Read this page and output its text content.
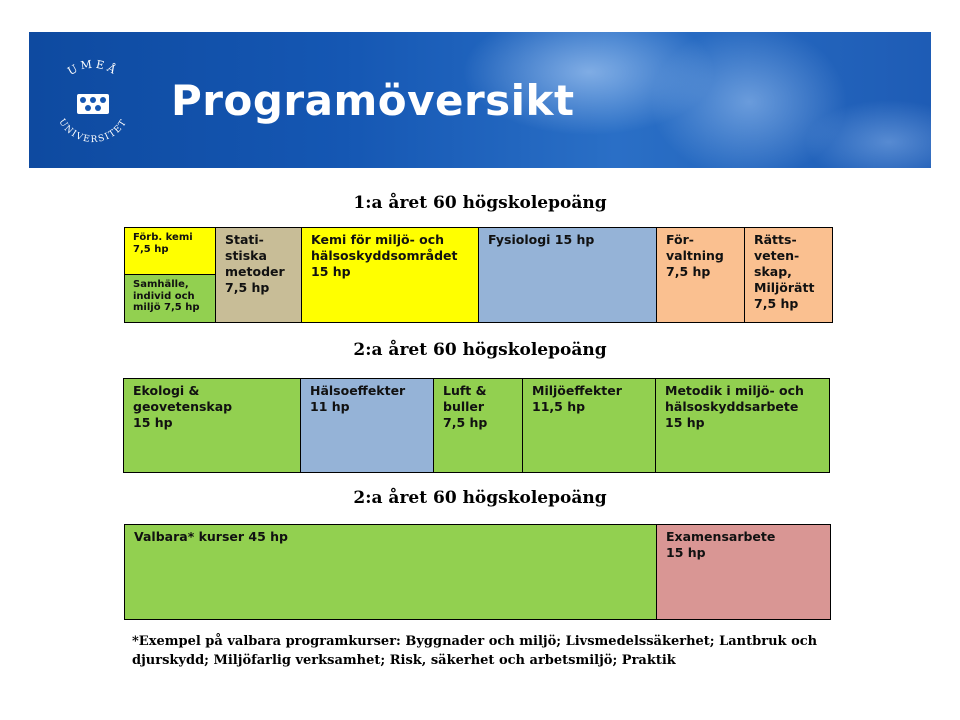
UMEÅ
UNIVERSITET Programöversikt
1:a året 60 högskolepoäng
Förb. kemi
7,5 hp
Samhälle,
individ och
miljö 7,5 hp
Stati-
stiska
metoder
7,5 hp
Kemi för miljö- och
hälsoskyddsområdet
15 hp
Fysiologi 15 hp	För-
valtning
7,5 hp
Rätts-
veten-
skap,
Miljörätt
7,5 hp
2:a året 60 högskolepoäng
Ekologi &
geovetenskap
15 hp
Hälsoeffekter
11 hp
Luft &
buller
7,5 hp
Miljöeffekter
11,5 hp
Metodik i miljö- och
hälsoskyddsarbete
15 hp
2:a året 60 högskolepoäng
Valbara* kurser 45 hp	Examensarbete
15 hp
*Exempel på valbara programkurser: Byggnader och miljö; Livsmedelssäkerhet; Lantbruk och djurskydd; Miljöfarlig verksamhet; Risk, säkerhet och arbetsmiljö; Praktik
